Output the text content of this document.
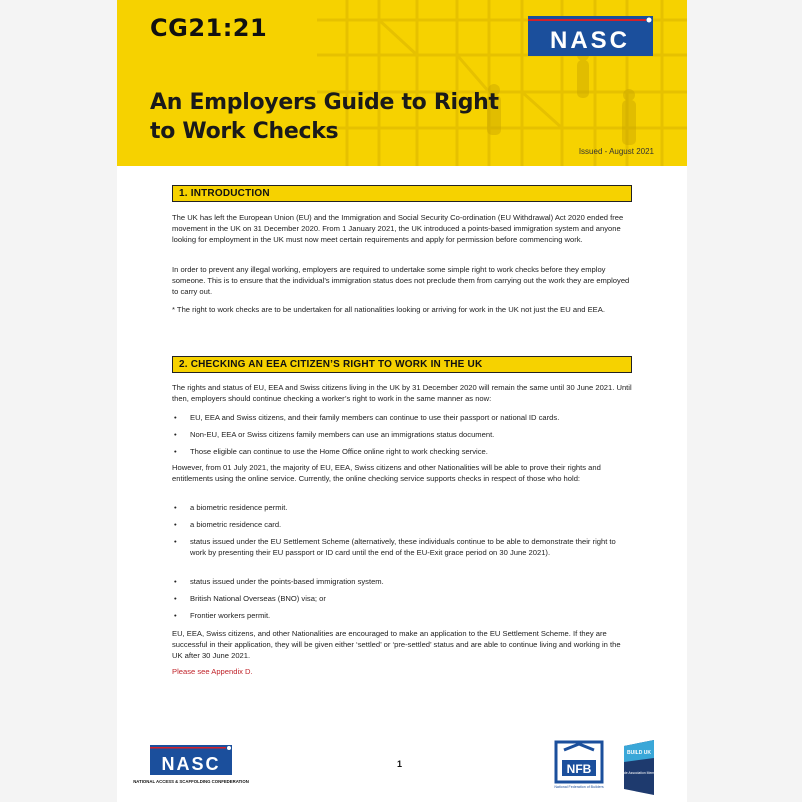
CG21:21	NASC
An Employers Guide to Right
to Work Checks
Issued - August 2021
1. INTRODUCTION

The UK has left the European Union (EU) and the Immigration and Social Security Co-ordination (EU Withdrawal) Act 2020 ended free movement in the UK on 31 December 2020. From 1 January 2021, the UK introduced a points-based immigration system and anyone looking for employment in the UK must now meet certain requirements and apply for permission before commencing work.

In order to prevent any illegal working, employers are required to undertake some simple right to work checks before they employ someone. This is to ensure that the individual’s immigration status does not preclude them from carrying out the work they are employed to carry out.

* The right to work checks are to be undertaken for all nationalities looking or arriving for work in the UK not just the EU and EEA.

2. CHECKING AN EEA CITIZEN’S RIGHT TO WORK IN THE UK

The rights and status of EU, EEA and Swiss citizens living in the UK by 31 December 2020 will remain the same until 30 June 2021. Until then, employers should continue checking a worker’s right to work in the same manner as now:

• EU, EEA and Swiss citizens, and their family members can continue to use their passport or national ID cards.
• Non-EU, EEA or Swiss citizens family members can use an immigrations status document.
• Those eligible can continue to use the Home Office online right to work checking service.

However, from 01 July 2021, the majority of EU, EEA, Swiss citizens and other Nationalities will be able to prove their rights and entitlements using the online service. Currently, the online checking service supports checks in respect of those who hold:

• a biometric residence permit.
• a biometric residence card.
• status issued under the EU Settlement Scheme (alternatively, these individuals continue to be able to demonstrate their right to work by presenting their EU passport or ID card until the end of the EU-Exit grace period on 30 June 2021).
• status issued under the points-based immigration system.
• British National Overseas (BNO) visa; or
• Frontier workers permit.

EU, EEA, Swiss citizens, and other Nationalities are encouraged to make an application to the EU Settlement Scheme. If they are successful in their application, they will be given either ‘settled’ or ‘pre-settled’ status and are able to continue living and working in the UK after 30 June 2021.

Please see Appendix D.

NASC
NATIONAL ACCESS & SCAFFOLDING CONFEDERATION
1	NFB
National Federation of Builders
BUILD UK
Trade Association Member
